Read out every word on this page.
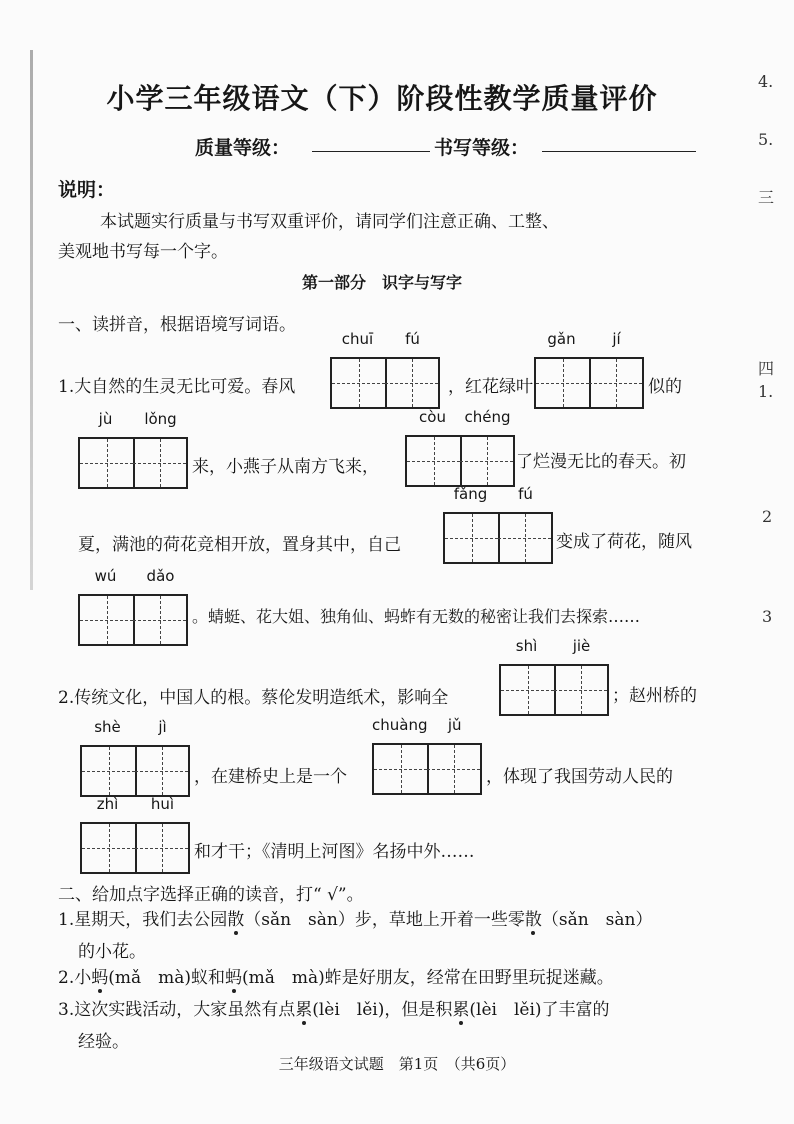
小学三年级语文（下）阶段性教学质量评价
质量等级：	书写等级：
说明：
本试题实行质量与书写双重评价，请同学们注意正确、工整、
美观地书写每一个字。
第一部分　识字与写字
一、读拼音，根据语境写词语。
chuī	fú	gǎn	jí
jù	lǒng	còu	chéng
fǎng	fú
wú	dǎo
shì	jiè
shè	jì	chuàng	jǔ
zhì	huì
1.大自然的生灵无比可爱。春风	，红花绿叶	似的
来，小燕子从南方飞来，	了烂漫无比的春天。初
夏，满池的荷花竞相开放，置身其中，自己	变成了荷花，随风
。蜻蜓、花大姐、独角仙、蚂蚱有无数的秘密让我们去探索……
2.传统文化，中国人的根。蔡伦发明造纸术，影响全	；赵州桥的
，在建桥史上是一个	，体现了我国劳动人民的
和才干；《清明上河图》名扬中外……
二、给加点字选择正确的读音，打“ √”。
1.星期天，我们去公园散（sǎn　sàn）步，草地上开着一些零散（sǎn　sàn）
的小花。
2.小蚂(mǎ　mà)蚁和蚂(mǎ　mà)蚱是好朋友，经常在田野里玩捉迷藏。
3.这次实践活动，大家虽然有点累(lèi　lěi)，但是积累(lèi　lěi)了丰富的
经验。
三年级语文试题　第1页　（共6页）
4.
5.
三
四
1.
2
3
